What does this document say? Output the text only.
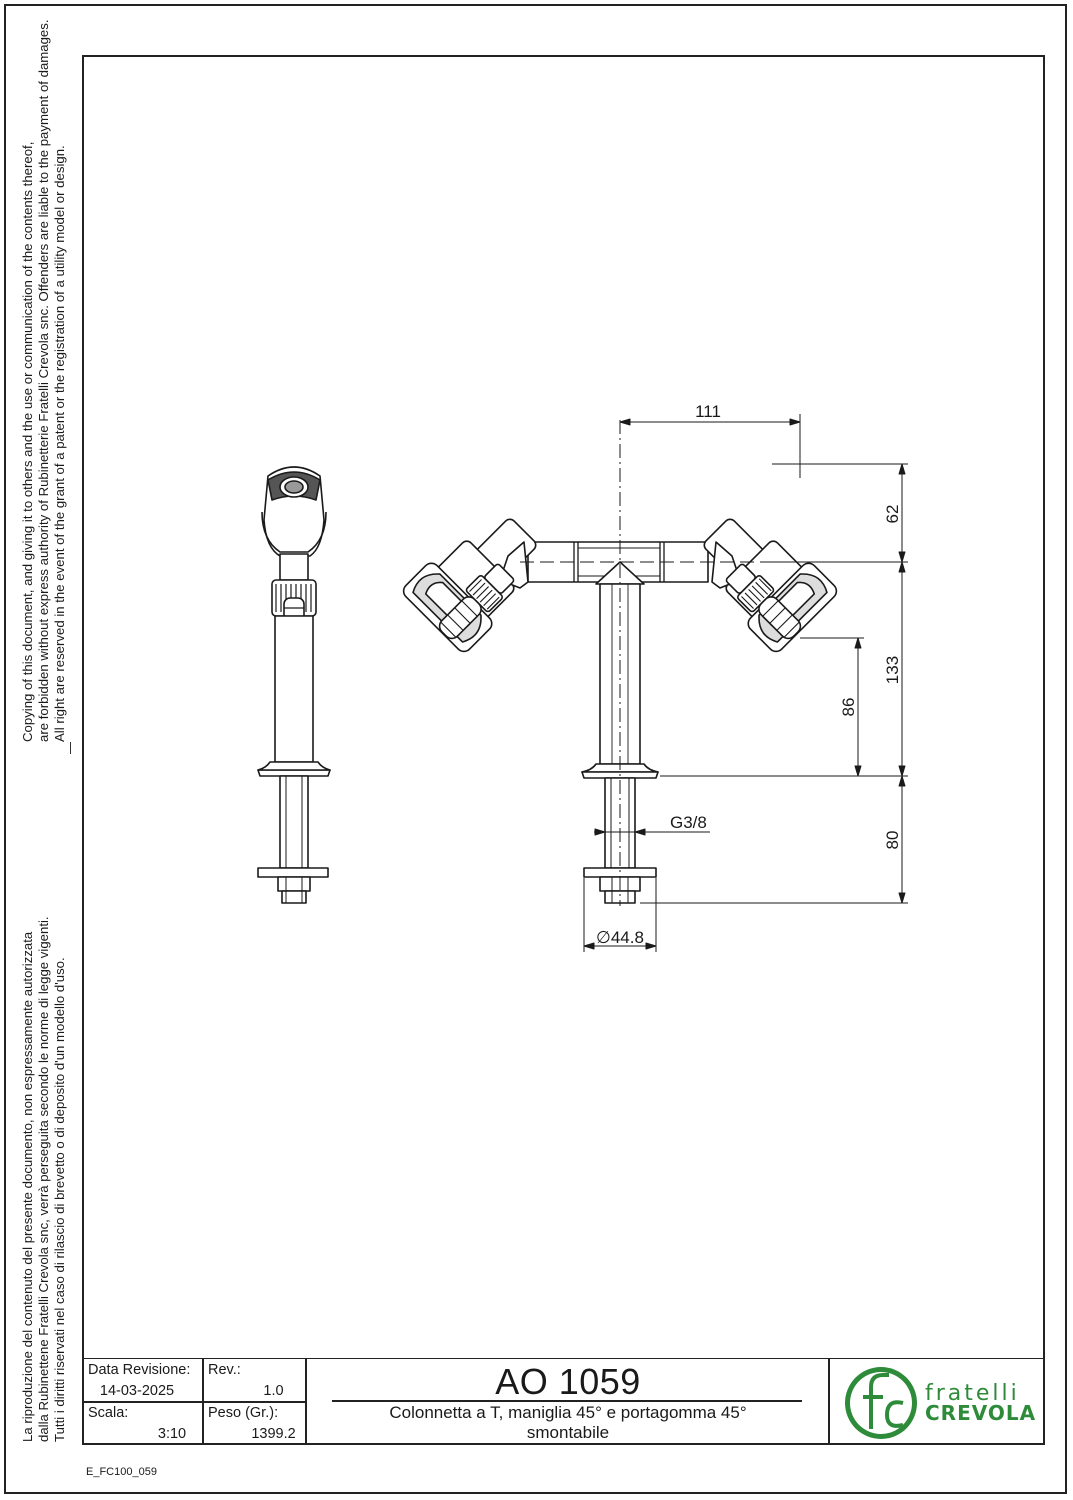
Copying of this document, and giving it to others and the use or communication of the contents thereof, are forbidden without express authority of Rubinetterie Fratelli Crevola snc. Offenders are liable to the payment of damages. All right are reserved in the event of the grant of a patent or the registration of a utility model or design.
La riproduzione del contenuto del presente documento, non espressamente autorizzata dalla Rubinettene Fratelli Crevola snc, verrà perseguita secondo le norme di legge vigenti. Tutti i diritti riservati nel caso di rilascio di brevetto o di deposito d'un modello d'uso.
111
62
133
86
80
G3/8
∅44.8
Data Revisione:
14-03-2025
Rev.:
1.0
Scala:
3:10
Peso (Gr.):
1399.2
AO 1059
Colonnetta a T, maniglia 45° e portagomma 45°
smontabile
fratelli
CREVOLA
E_FC100_059
